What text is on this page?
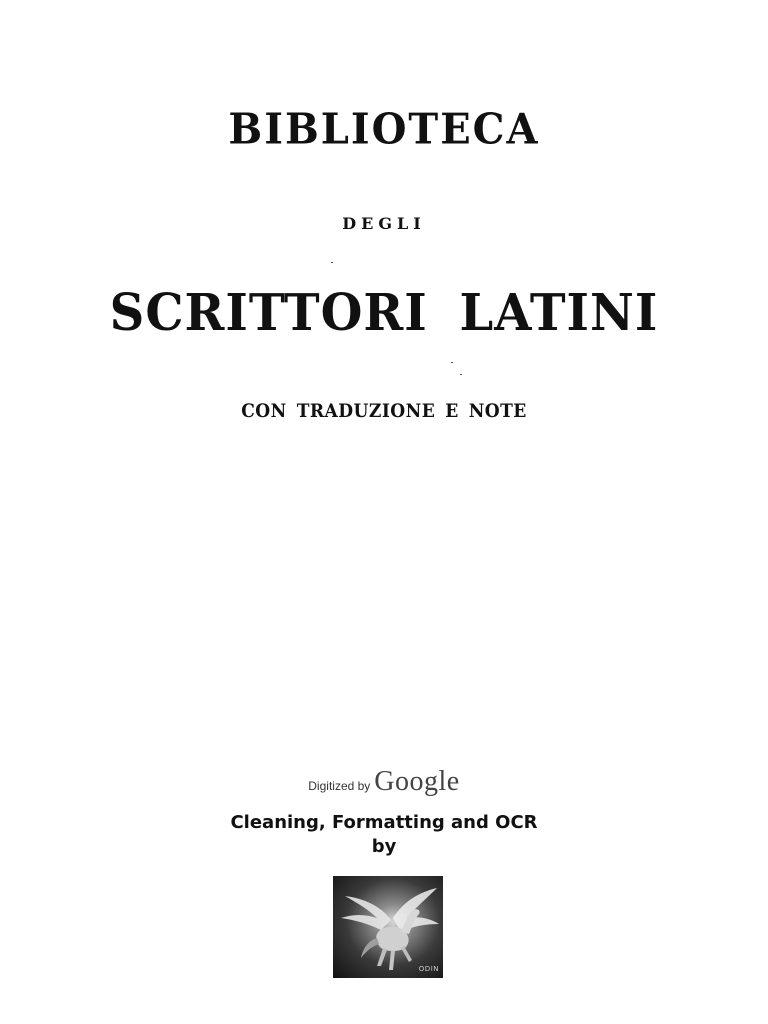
BIBLIOTECA
DEGLI
SCRITTORI LATINI
CON TRADUZIONE E NOTE
Digitized by Google
Cleaning, Formatting and OCR
by
ODIN
